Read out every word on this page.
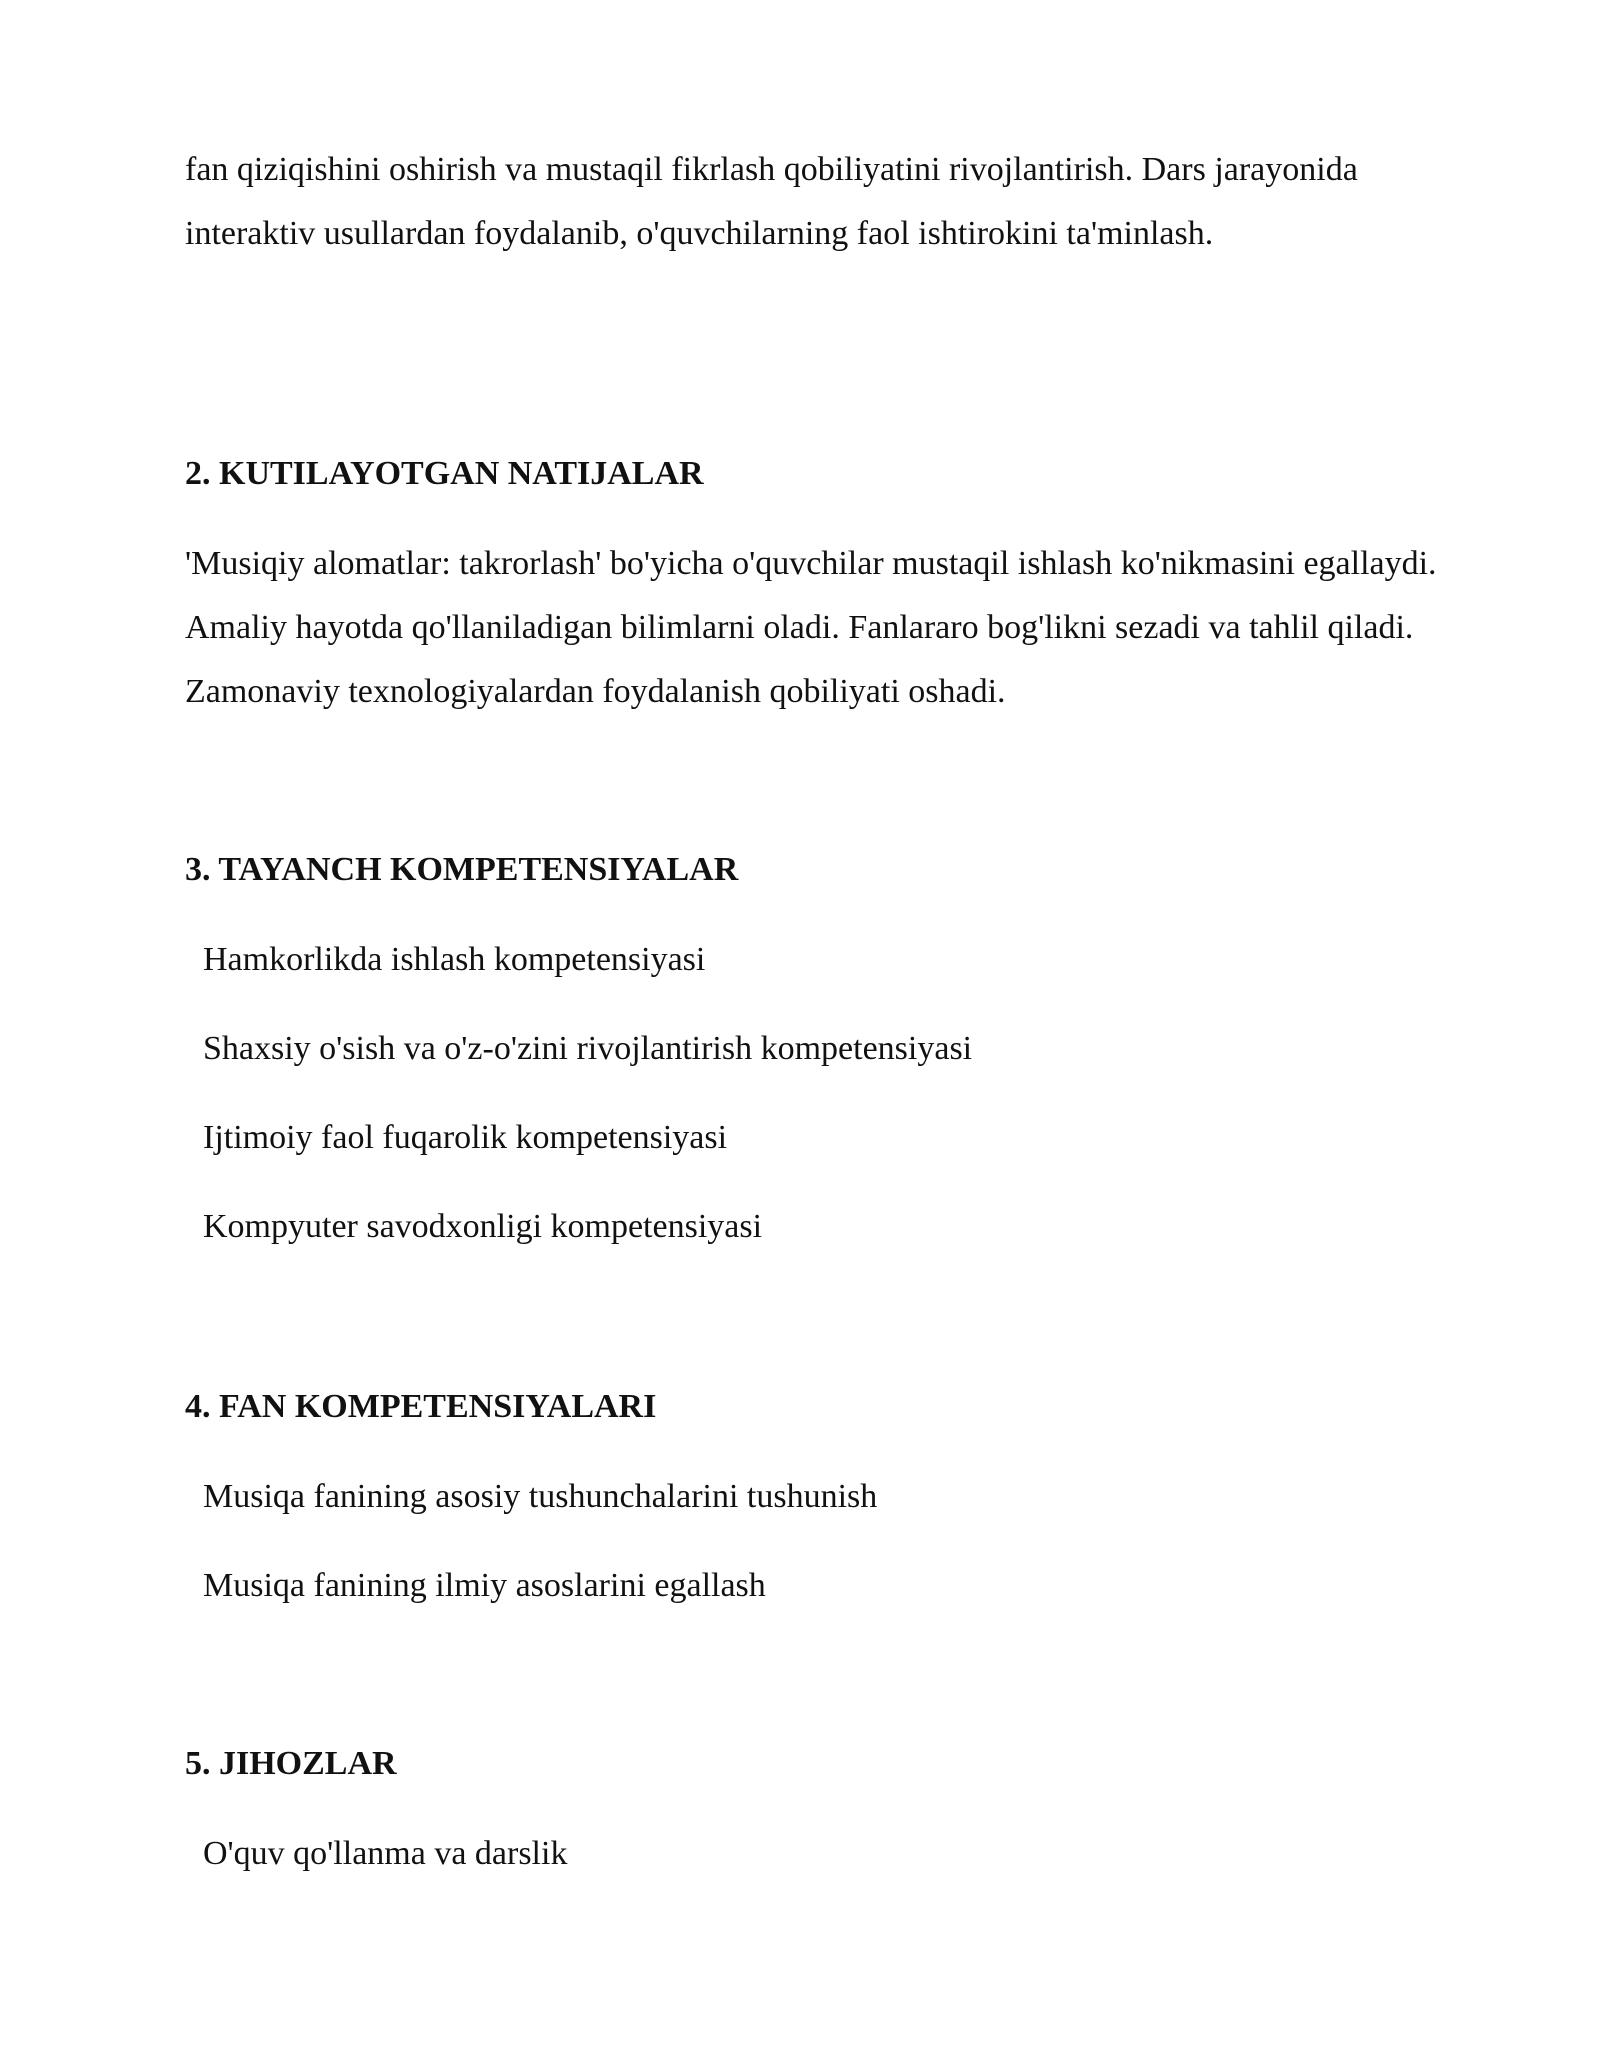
fan qiziqishini oshirish va mustaqil fikrlash qobiliyatini rivojlantirish. Dars jarayonida interaktiv usullardan foydalanib, o'quvchilarning faol ishtirokini ta'minlash.

2. KUTILAYOTGAN NATIJALAR

'Musiqiy alomatlar: takrorlash' bo'yicha o'quvchilar mustaqil ishlash ko'nikmasini egallaydi. Amaliy hayotda qo'llaniladigan bilimlarni oladi. Fanlararo bog'likni sezadi va tahlil qiladi. Zamonaviy texnologiyalardan foydalanish qobiliyati oshadi.

3. TAYANCH KOMPETENSIYALAR

Hamkorlikda ishlash kompetensiyasi

Shaxsiy o'sish va o'z-o'zini rivojlantirish kompetensiyasi

Ijtimoiy faol fuqarolik kompetensiyasi

Kompyuter savodxonligi kompetensiyasi

4. FAN KOMPETENSIYALARI

Musiqa fanining asosiy tushunchalarini tushunish

Musiqa fanining ilmiy asoslarini egallash

5. JIHOZLAR

O'quv qo'llanma va darslik
